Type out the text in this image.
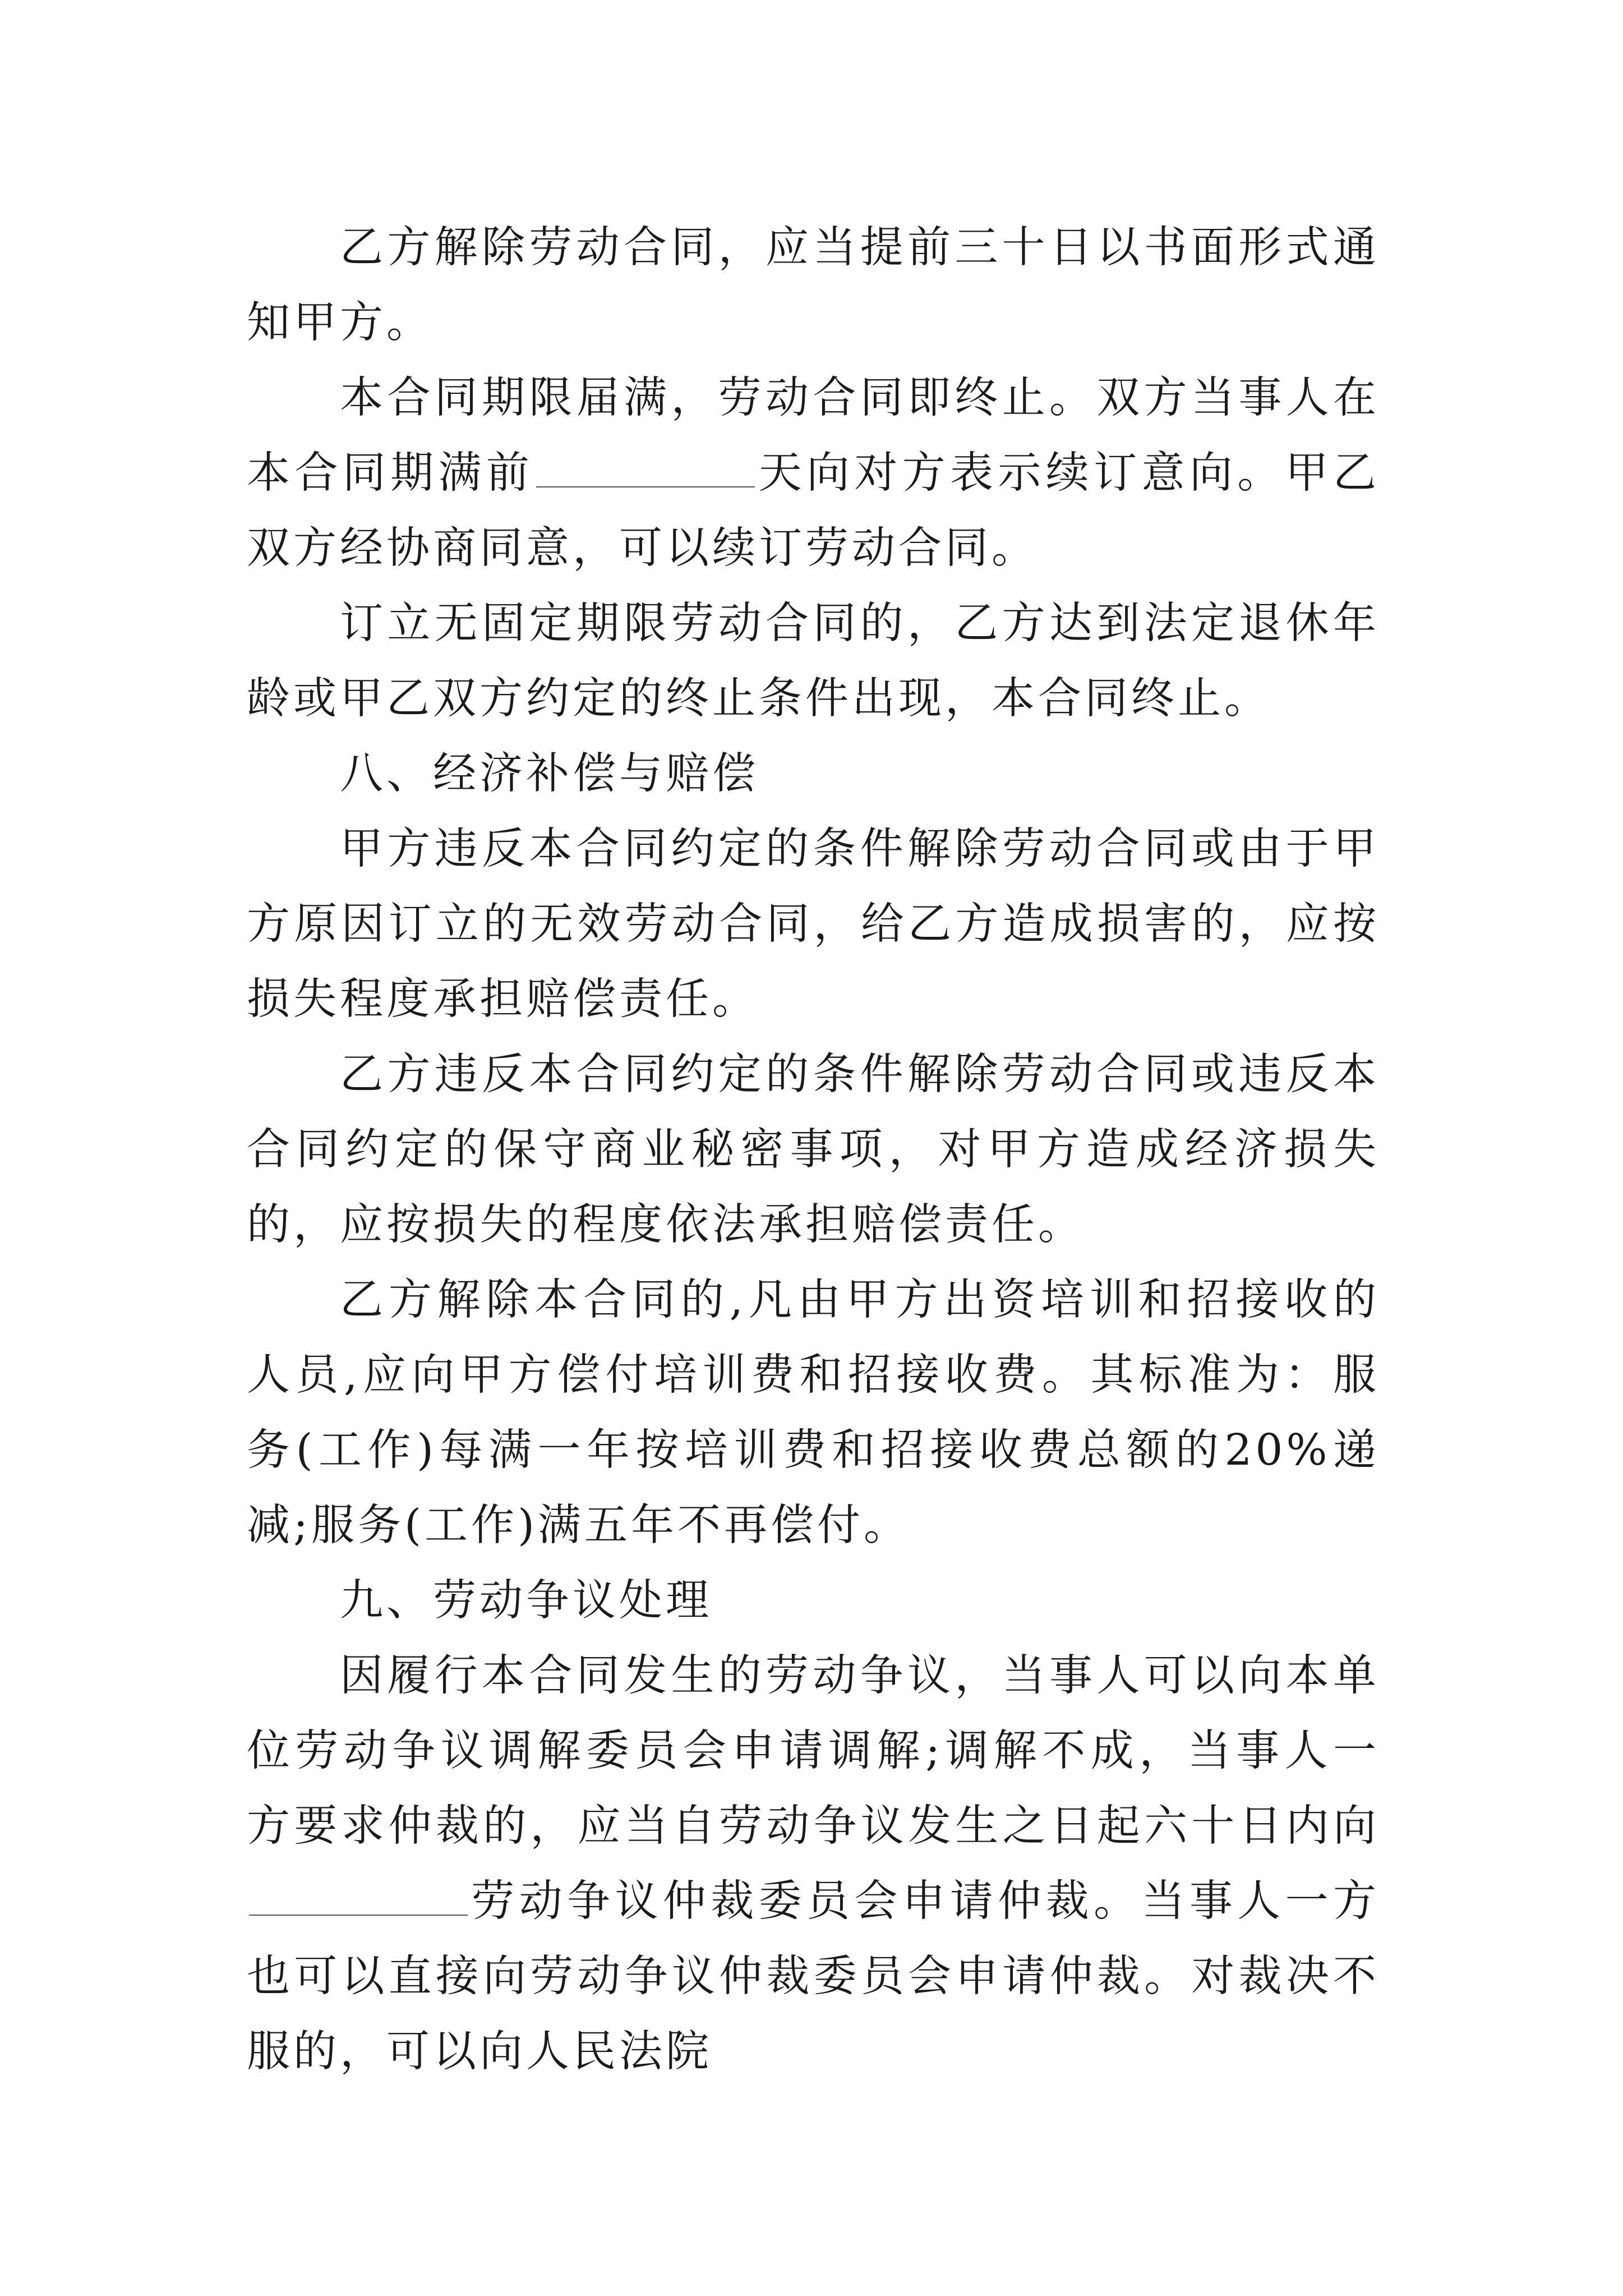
乙方解除劳动合同，应当提前三十日以书面形式通知甲方。

本合同期限届满，劳动合同即终止。双方当事人在本合同期满前	天向对方表示续订意向。甲乙双方经协商同意，可以续订劳动合同。

订立无固定期限劳动合同的，乙方达到法定退休年龄或甲乙双方约定的终止条件出现，本合同终止。

八、经济补偿与赔偿

甲方违反本合同约定的条件解除劳动合同或由于甲方原因订立的无效劳动合同，给乙方造成损害的，应按损失程度承担赔偿责任。

乙方违反本合同约定的条件解除劳动合同或违反本合同约定的保守商业秘密事项，对甲方造成经济损失的，应按损失的程度依法承担赔偿责任。

乙方解除本合同的,凡由甲方出资培训和招接收的人员,应向甲方偿付培训费和招接收费。其标准为：服务(工作)每满一年按培训费和招接收费总额的20%递减;服务(工作)满五年不再偿付。

九、劳动争议处理

因履行本合同发生的劳动争议，当事人可以向本单位劳动争议调解委员会申请调解;调解不成，当事人一方要求仲裁的，应当自劳动争议发生之日起六十日内向劳动争议仲裁委员会申请仲裁。当事人一方也可以直接向劳动争议仲裁委员会申请仲裁。对裁决不服的，可以向人民法院
